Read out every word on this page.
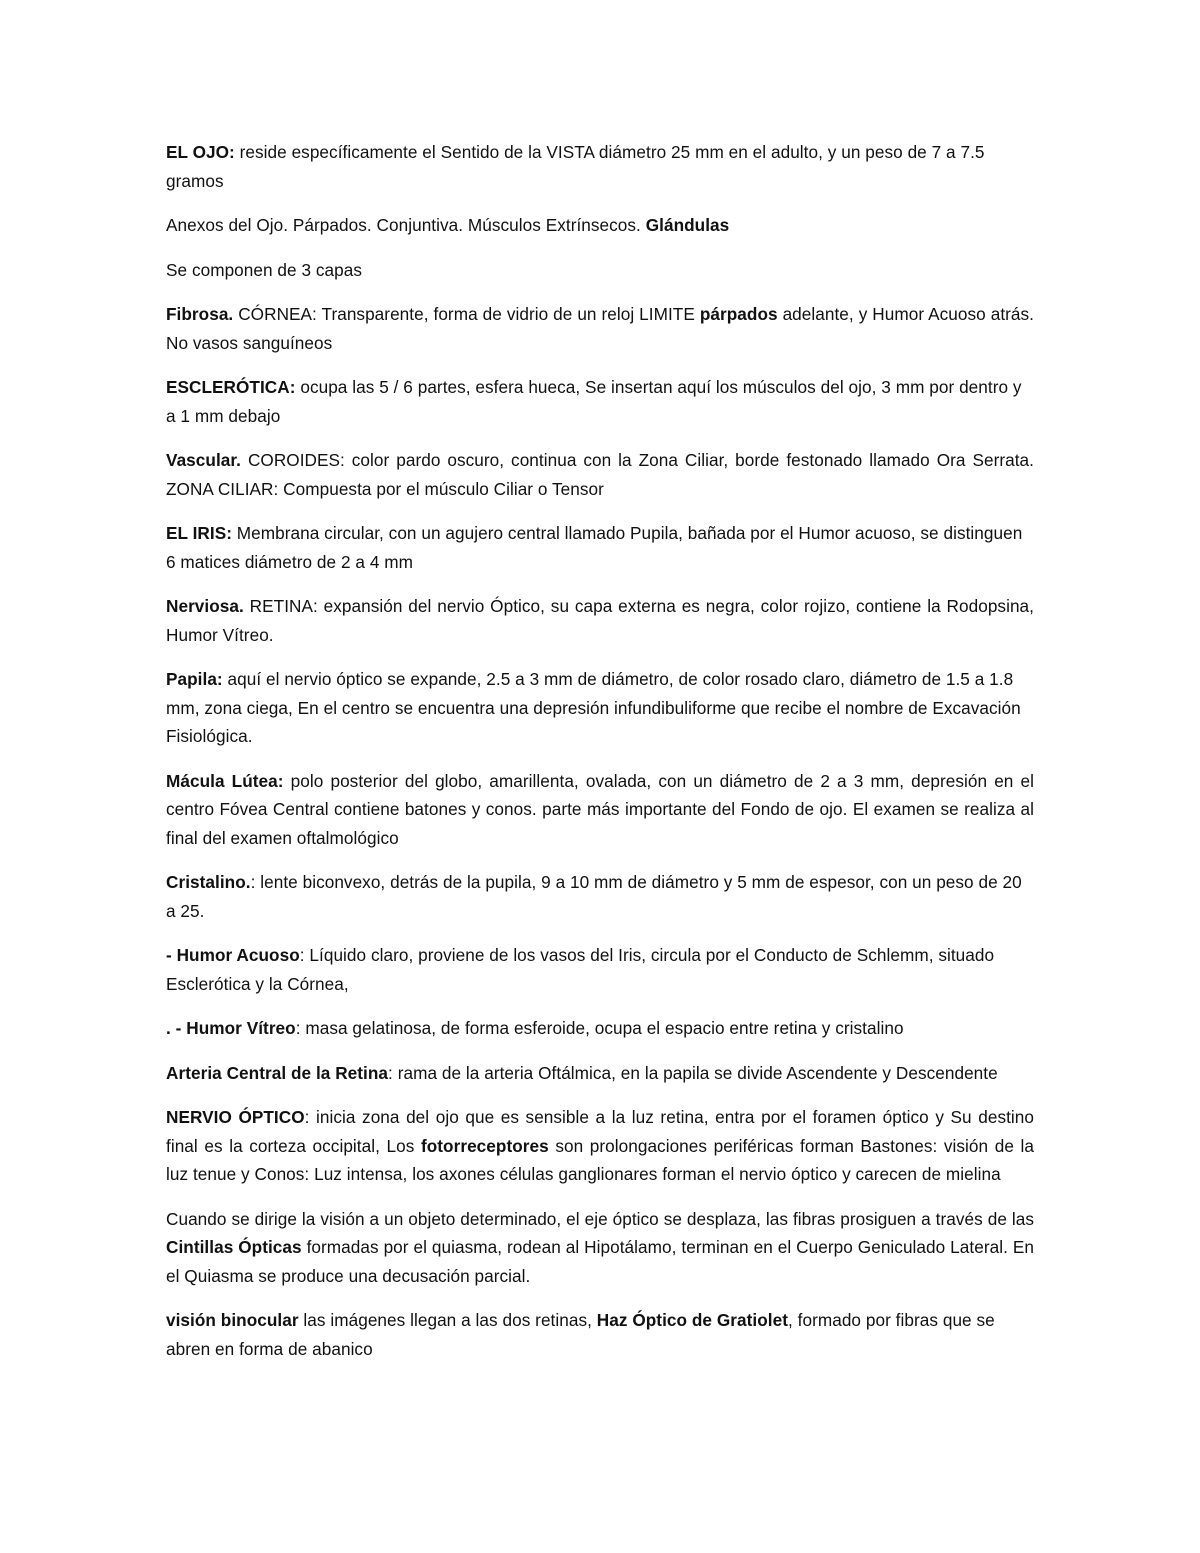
EL OJO: reside específicamente el Sentido de la VISTA diámetro 25 mm en el adulto, y un peso de 7 a 7.5 gramos

Anexos del Ojo. Párpados. Conjuntiva. Músculos Extrínsecos. Glándulas

Se componen de 3 capas

Fibrosa. CÓRNEA: Transparente, forma de vidrio de un reloj LIMITE párpados adelante, y Humor Acuoso atrás. No vasos sanguíneos

ESCLERÓTICA: ocupa las 5 / 6 partes, esfera hueca, Se insertan aquí los músculos del ojo, 3 mm por dentro y a 1 mm debajo

Vascular. COROIDES: color pardo oscuro, continua con la Zona Ciliar, borde festonado llamado Ora Serrata. ZONA CILIAR: Compuesta por el músculo Ciliar o Tensor

EL IRIS: Membrana circular, con un agujero central llamado Pupila, bañada por el Humor acuoso, se distinguen 6 matices diámetro de 2 a 4 mm

Nerviosa. RETINA: expansión del nervio Óptico, su capa externa es negra, color rojizo, contiene la Rodopsina, Humor Vítreo.

Papila: aquí el nervio óptico se expande, 2.5 a 3 mm de diámetro, de color rosado claro, diámetro de 1.5 a 1.8 mm, zona ciega, En el centro se encuentra una depresión infundibuliforme que recibe el nombre de Excavación Fisiológica.

Mácula Lútea: polo posterior del globo, amarillenta, ovalada, con un diámetro de 2 a 3 mm, depresión en el centro Fóvea Central contiene batones y conos. parte más importante del Fondo de ojo. El examen se realiza al final del examen oftalmológico

Cristalino.: lente biconvexo, detrás de la pupila, 9 a 10 mm de diámetro y 5 mm de espesor, con un peso de 20 a 25.

- Humor Acuoso: Líquido claro, proviene de los vasos del Iris, circula por el Conducto de Schlemm, situado Esclerótica y la Córnea,

. - Humor Vítreo: masa gelatinosa, de forma esferoide, ocupa el espacio entre retina y cristalino

Arteria Central de la Retina: rama de la arteria Oftálmica, en la papila se divide Ascendente y Descendente

NERVIO ÓPTICO: inicia zona del ojo que es sensible a la luz retina, entra por el foramen óptico y Su destino final es la corteza occipital, Los fotorreceptores son prolongaciones periféricas forman Bastones: visión de la luz tenue y Conos: Luz intensa, los axones células ganglionares forman el nervio óptico y carecen de mielina

Cuando se dirige la visión a un objeto determinado, el eje óptico se desplaza, las fibras prosiguen a través de las Cintillas Ópticas formadas por el quiasma, rodean al Hipotálamo, terminan en el Cuerpo Geniculado Lateral. En el Quiasma se produce una decusación parcial.

visión binocular las imágenes llegan a las dos retinas, Haz Óptico de Gratiolet, formado por fibras que se abren en forma de abanico
